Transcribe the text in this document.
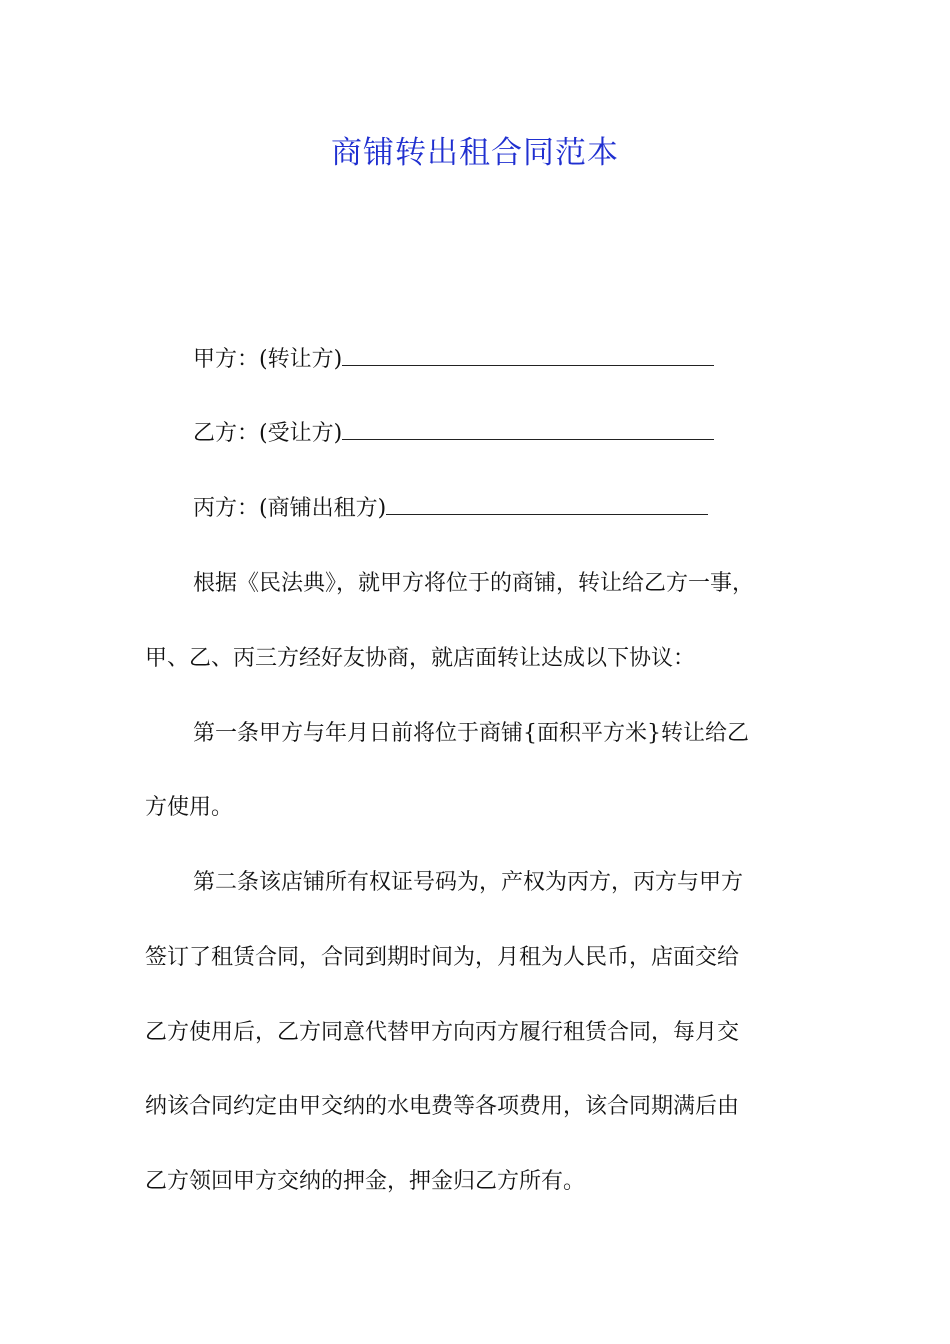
商铺转出租合同范本
甲方：(转让方)
乙方：(受让方)
丙方：(商铺出租方)
根据《民法典》，就甲方将位于的商铺，转让给乙方一事，
甲、乙、丙三方经好友协商，就店面转让达成以下协议：
第一条甲方与年月日前将位于商铺{面积平方米}转让给乙
方使用。
第二条该店铺所有权证号码为，产权为丙方，丙方与甲方
签订了租赁合同，合同到期时间为，月租为人民币，店面交给
乙方使用后，乙方同意代替甲方向丙方履行租赁合同，每月交
纳该合同约定由甲交纳的水电费等各项费用，该合同期满后由
乙方领回甲方交纳的押金，押金归乙方所有。
